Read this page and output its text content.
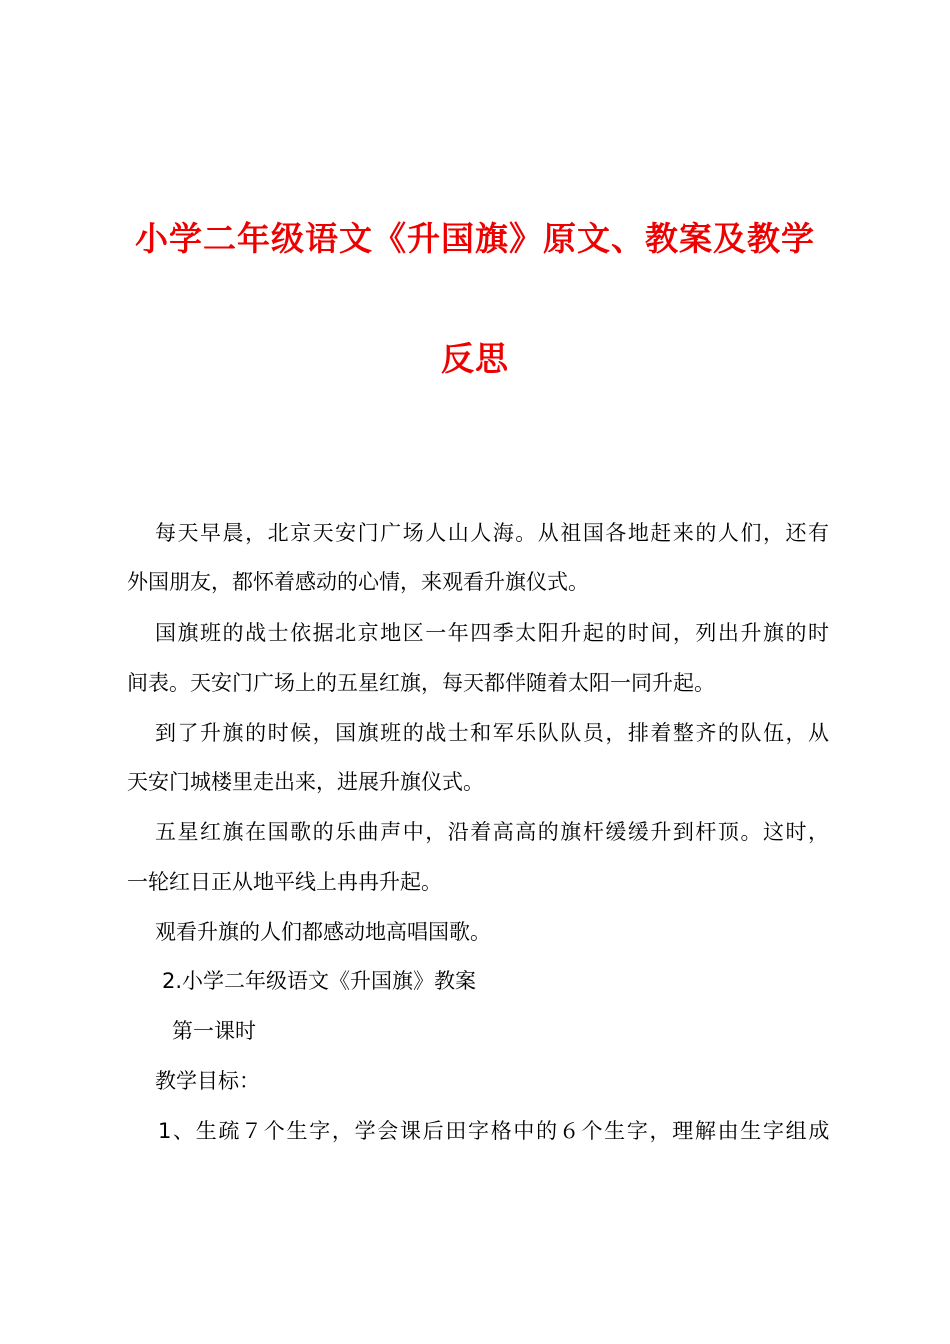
小学二年级语文《升国旗》原文、教案及教学
反思
每天早晨，北京天安门广场人山人海。从祖国各地赶来的人们，还有
外国朋友，都怀着感动的心情，来观看升旗仪式。
国旗班的战士依据北京地区一年四季太阳升起的时间，列出升旗的时
间表。天安门广场上的五星红旗，每天都伴随着太阳一同升起。
到了升旗的时候，国旗班的战士和军乐队队员，排着整齐的队伍，从
天安门城楼里走出来，进展升旗仪式。
五星红旗在国歌的乐曲声中，沿着高高的旗杆缓缓升到杆顶。这时，
一轮红日正从地平线上冉冉升起。
观看升旗的人们都感动地高唱国歌。
2.小学二年级语文《升国旗》教案
第一课时
教学目标：
1、生疏７个生字，学会课后田字格中的６个生字，理解由生字组成
